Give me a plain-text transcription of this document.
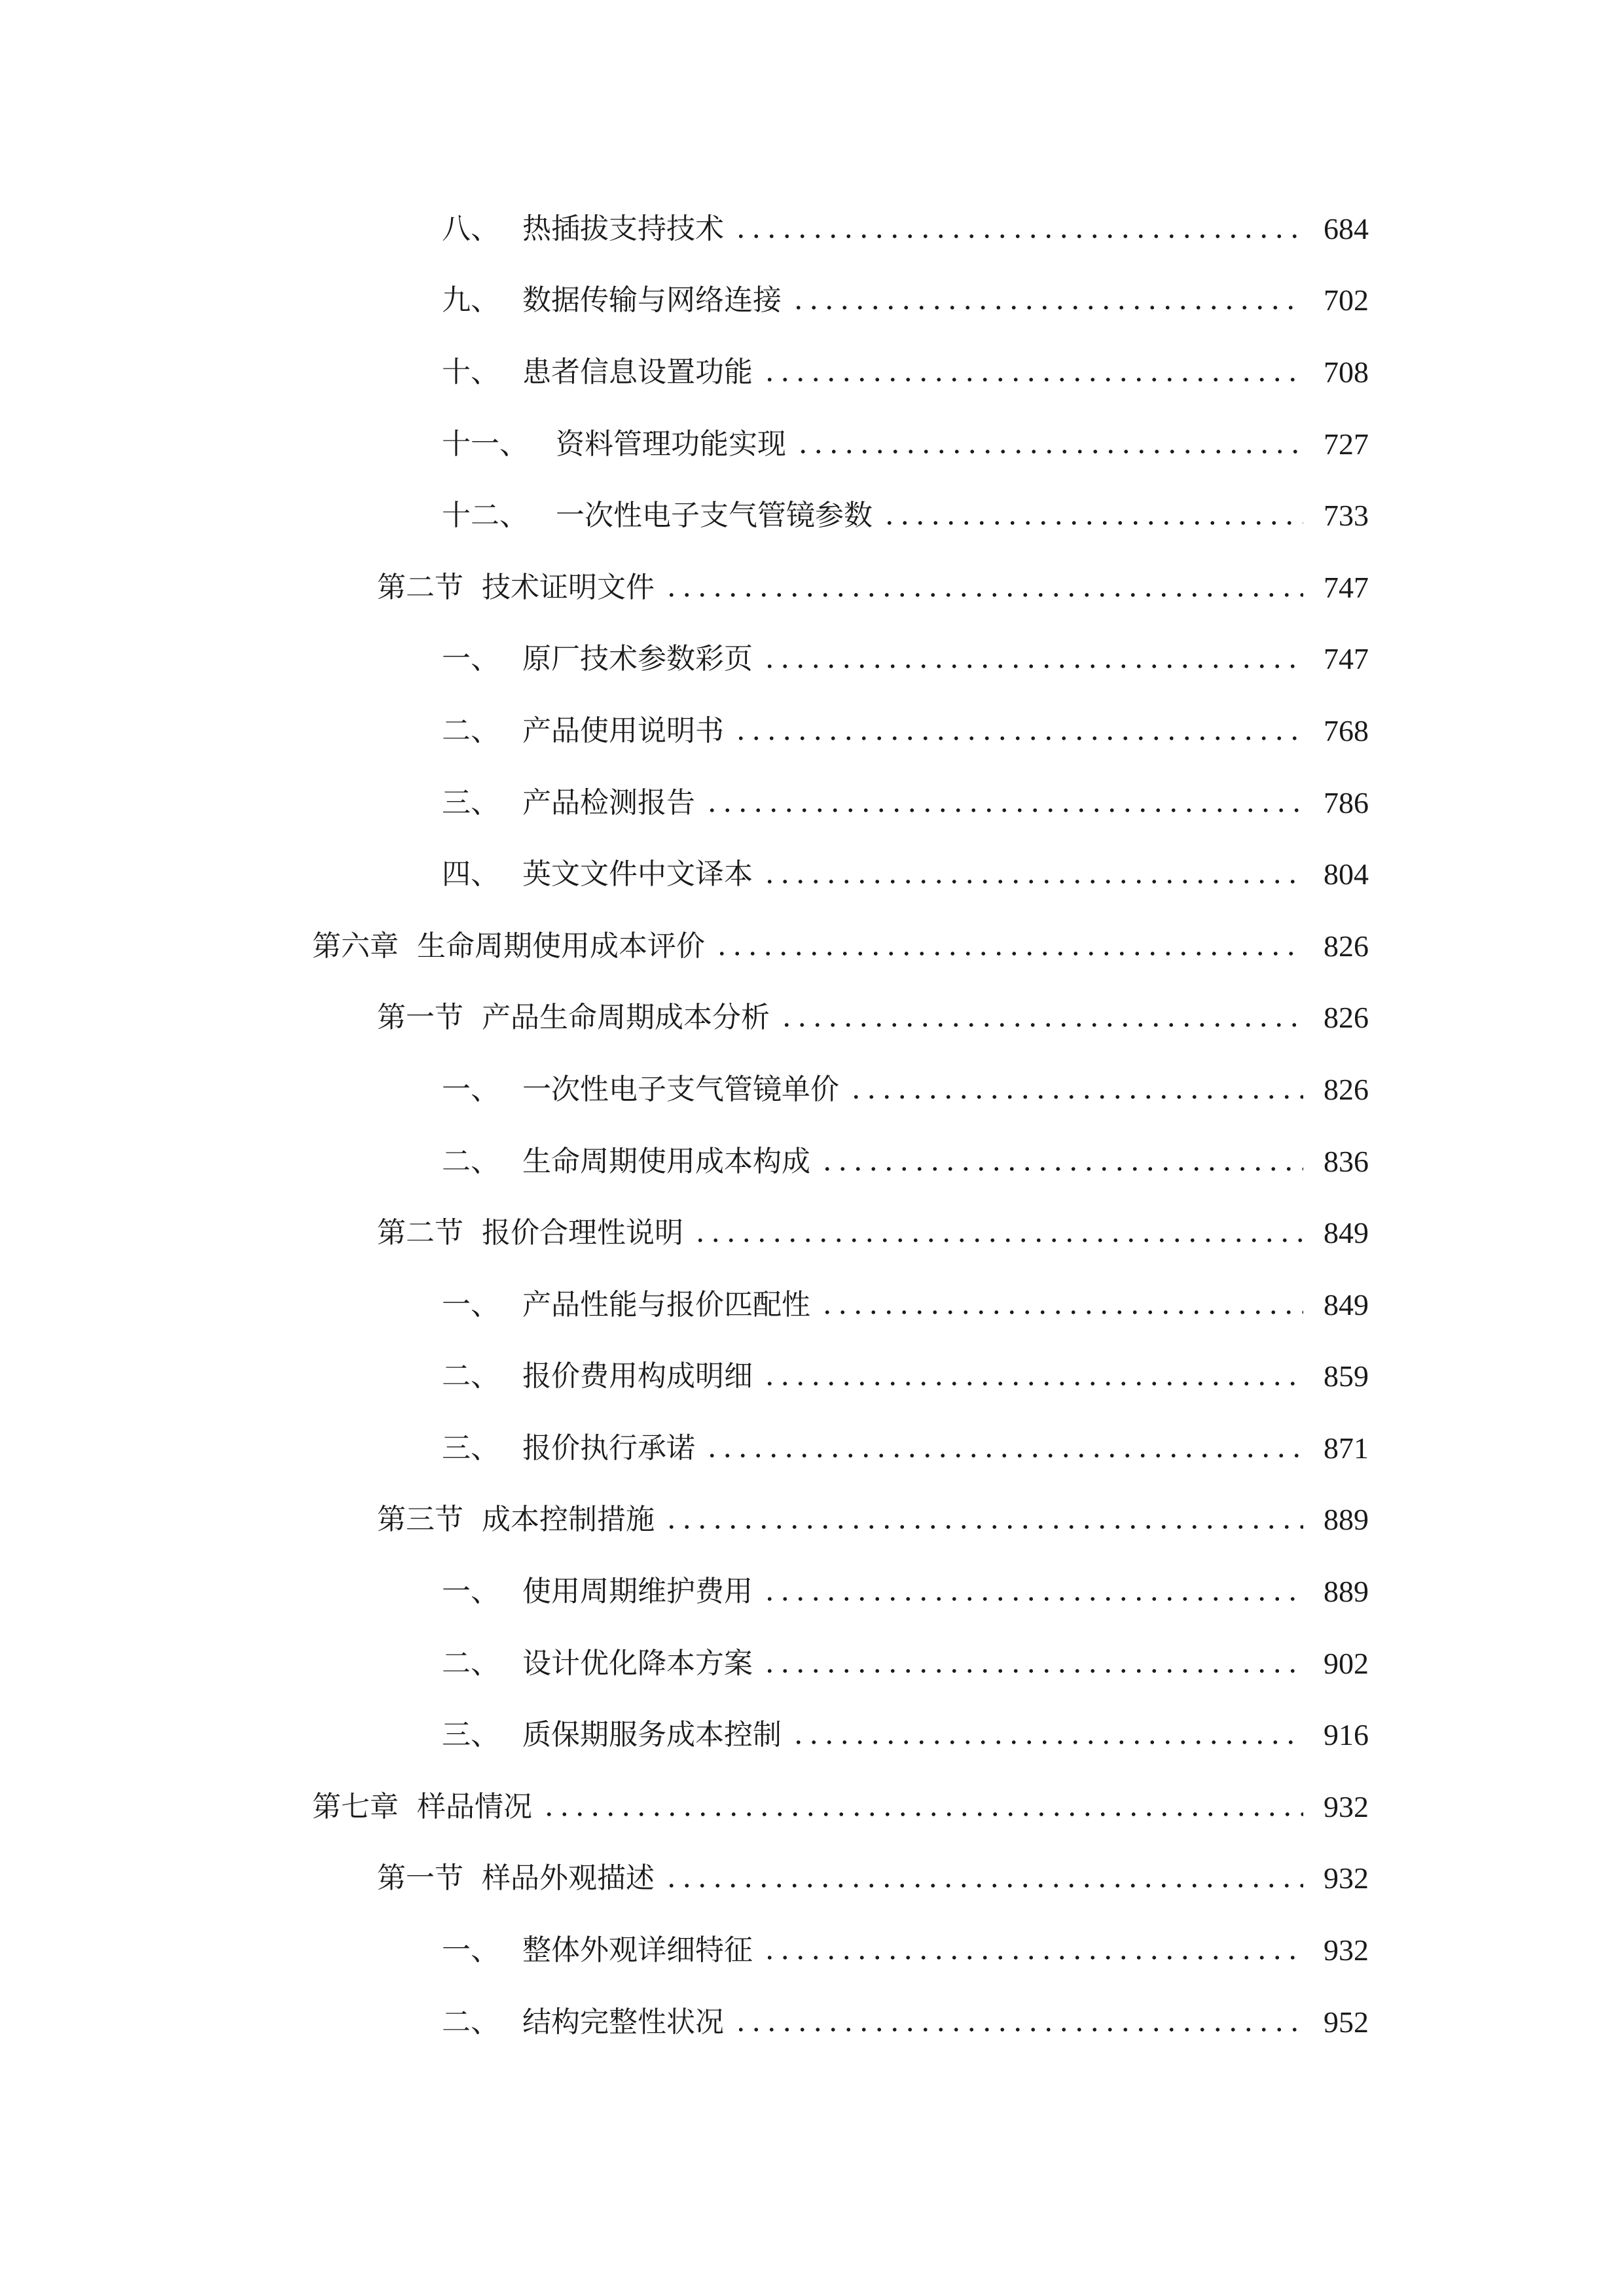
八、 热插拔支持技术	684
九、 数据传输与网络连接	702
十、 患者信息设置功能	708
十一、 资料管理功能实现	727
十二、 一次性电子支气管镜参数	733
第二节 技术证明文件	747
一、 原厂技术参数彩页	747
二、 产品使用说明书	768
三、 产品检测报告	786
四、 英文文件中文译本	804
第六章 生命周期使用成本评价	826
第一节 产品生命周期成本分析	826
一、 一次性电子支气管镜单价	826
二、 生命周期使用成本构成	836
第二节 报价合理性说明	849
一、 产品性能与报价匹配性	849
二、 报价费用构成明细	859
三、 报价执行承诺	871
第三节 成本控制措施	889
一、 使用周期维护费用	889
二、 设计优化降本方案	902
三、 质保期服务成本控制	916
第七章 样品情况	932
第一节 样品外观描述	932
一、 整体外观详细特征	932
二、 结构完整性状况	952
